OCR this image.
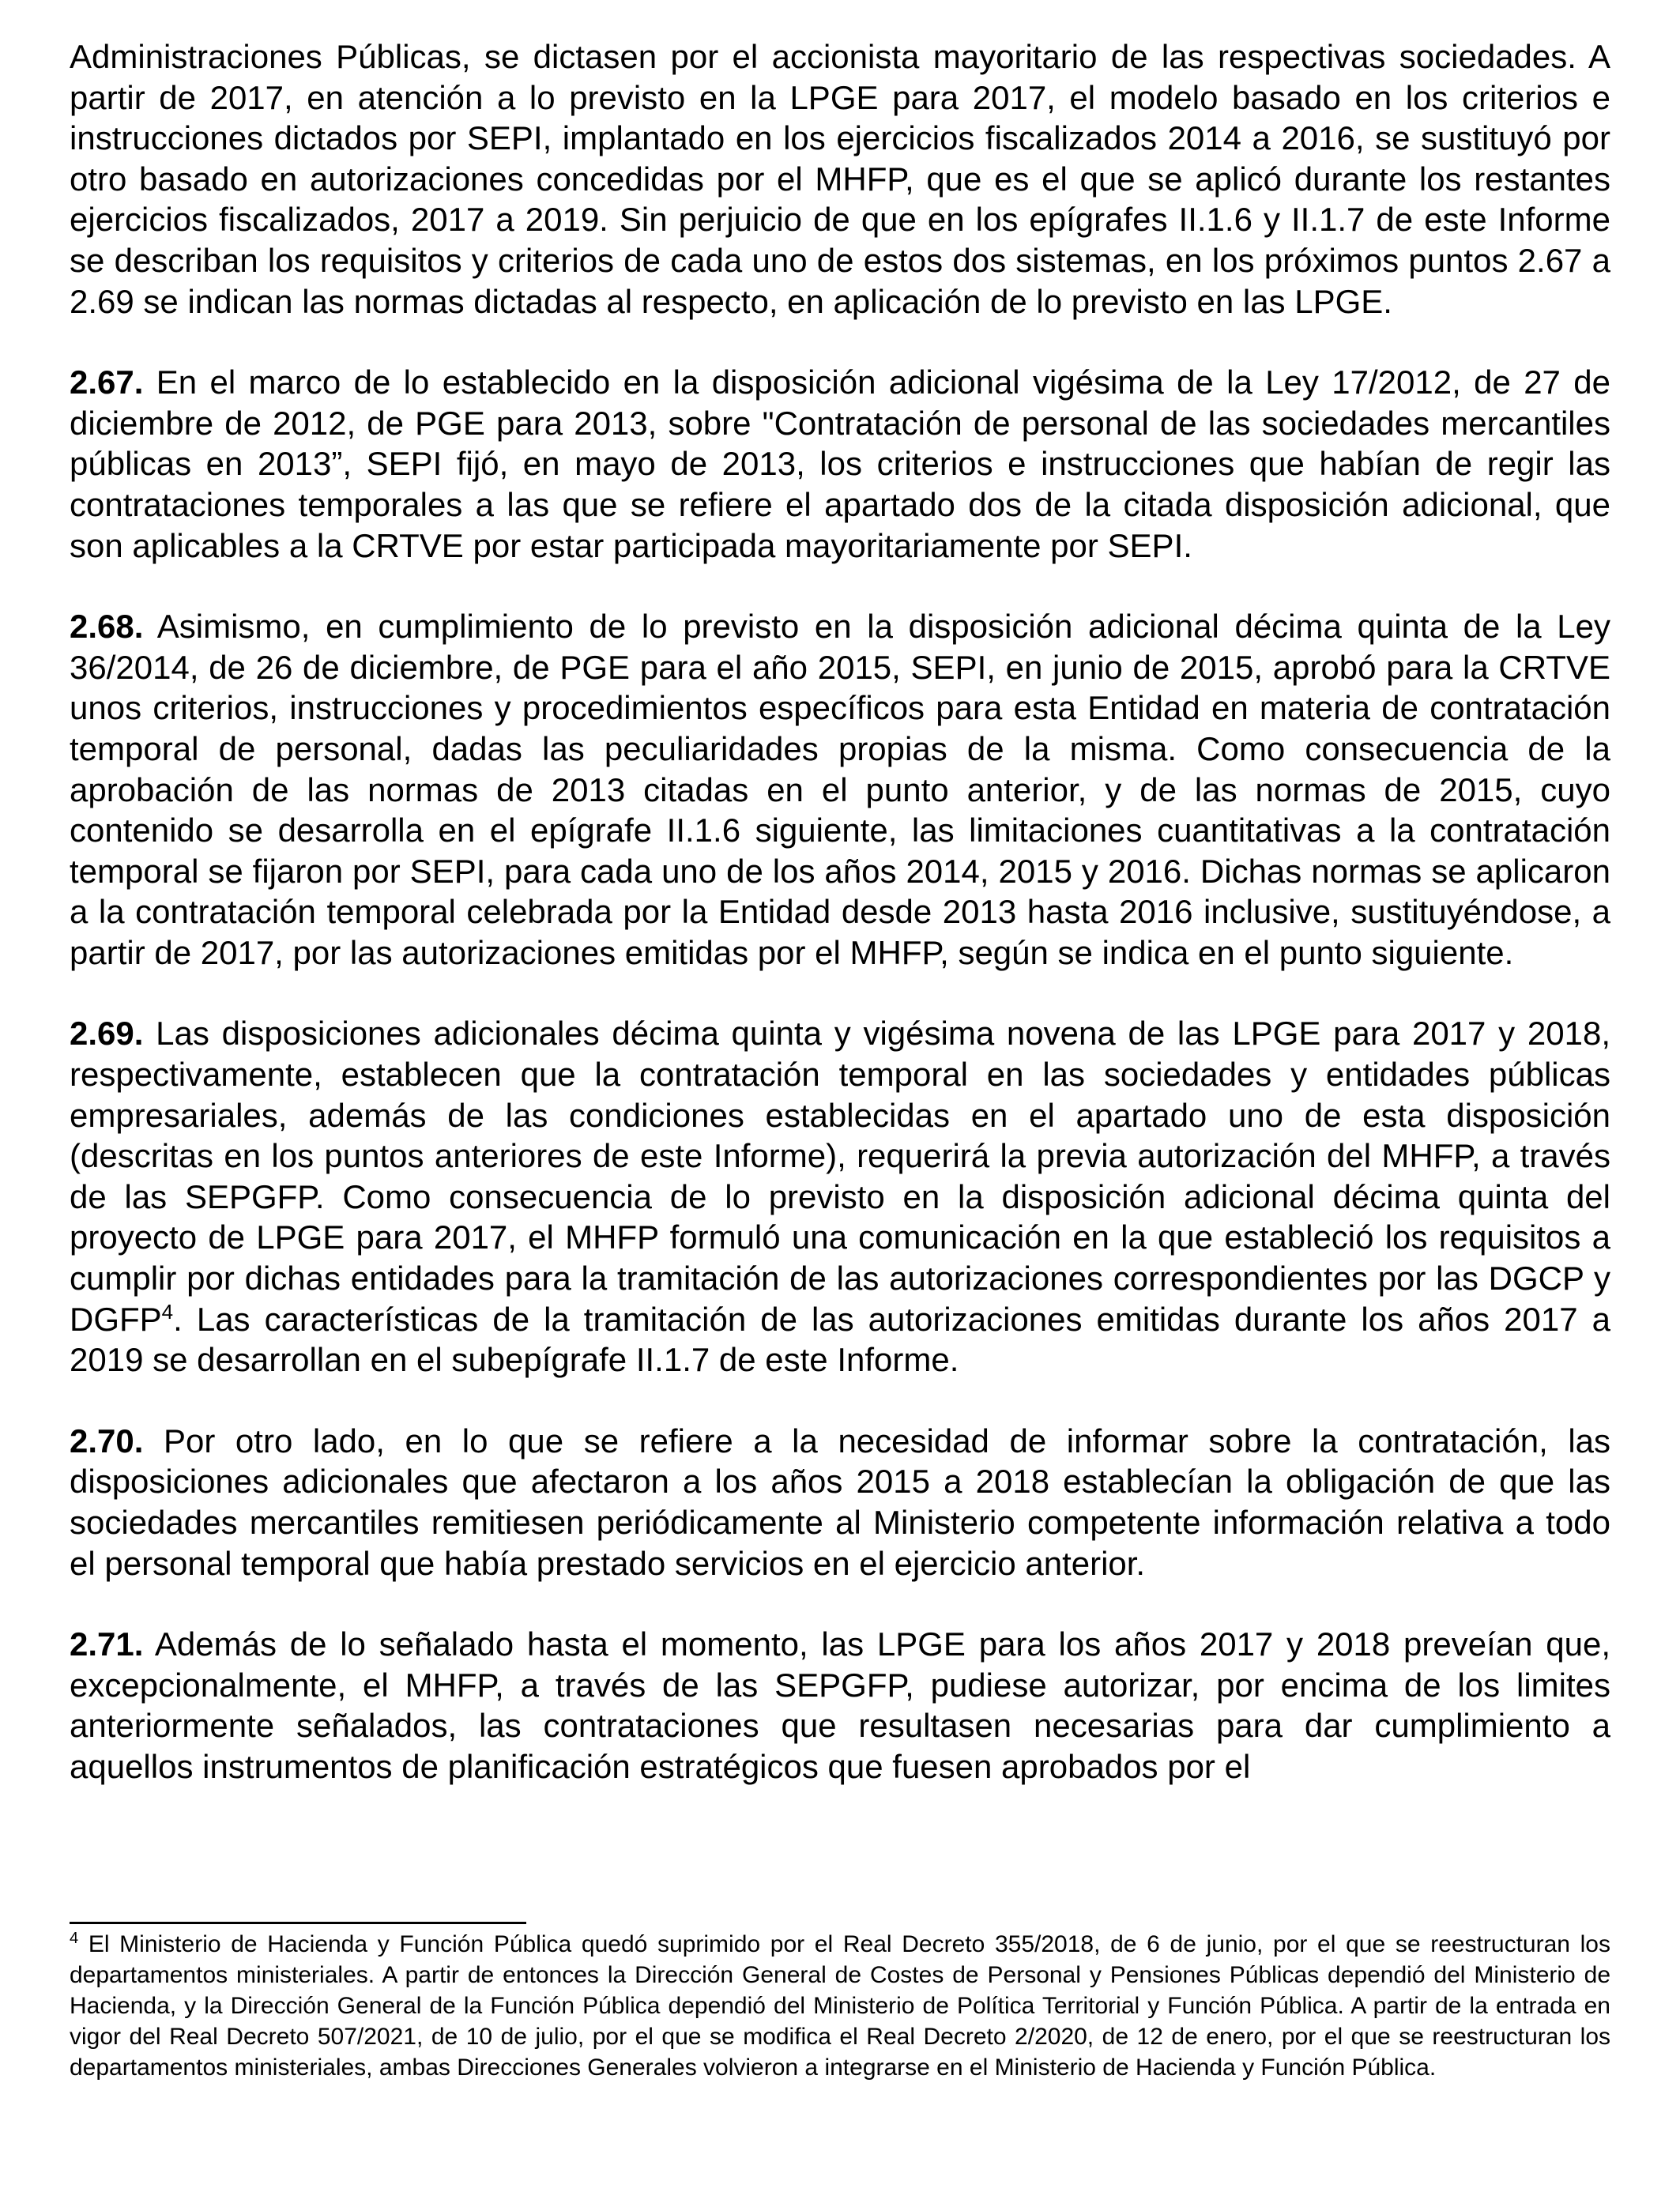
Administraciones Públicas, se dictasen por el accionista mayoritario de las respectivas sociedades. A partir de 2017, en atención a lo previsto en la LPGE para 2017, el modelo basado en los criterios e instrucciones dictados por SEPI, implantado en los ejercicios fiscalizados 2014 a 2016, se sustituyó por otro basado en autorizaciones concedidas por el MHFP, que es el que se aplicó durante los restantes ejercicios fiscalizados, 2017 a 2019. Sin perjuicio de que en los epígrafes II.1.6 y II.1.7 de este Informe se describan los requisitos y criterios de cada uno de estos dos sistemas, en los próximos puntos 2.67 a 2.69 se indican las normas dictadas al respecto, en aplicación de lo previsto en las LPGE.

2.67. En el marco de lo establecido en la disposición adicional vigésima de la Ley 17/2012, de 27 de diciembre de 2012, de PGE para 2013, sobre "Contratación de personal de las sociedades mercantiles públicas en 2013”, SEPI fijó, en mayo de 2013, los criterios e instrucciones que habían de regir las contrataciones temporales a las que se refiere el apartado dos de la citada disposición adicional, que son aplicables a la CRTVE por estar participada mayoritariamente por SEPI.

2.68. Asimismo, en cumplimiento de lo previsto en la disposición adicional décima quinta de la Ley 36/2014, de 26 de diciembre, de PGE para el año 2015, SEPI, en junio de 2015, aprobó para la CRTVE unos criterios, instrucciones y procedimientos específicos para esta Entidad en materia de contratación temporal de personal, dadas las peculiaridades propias de la misma. Como consecuencia de la aprobación de las normas de 2013 citadas en el punto anterior, y de las normas de 2015, cuyo contenido se desarrolla en el epígrafe II.1.6 siguiente, las limitaciones cuantitativas a la contratación temporal se fijaron por SEPI, para cada uno de los años 2014, 2015 y 2016. Dichas normas se aplicaron a la contratación temporal celebrada por la Entidad desde 2013 hasta 2016 inclusive, sustituyéndose, a partir de 2017, por las autorizaciones emitidas por el MHFP, según se indica en el punto siguiente.

2.69. Las disposiciones adicionales décima quinta y vigésima novena de las LPGE para 2017 y 2018, respectivamente, establecen que la contratación temporal en las sociedades y entidades públicas empresariales, además de las condiciones establecidas en el apartado uno de esta disposición (descritas en los puntos anteriores de este Informe), requerirá la previa autorización del MHFP, a través de las SEPGFP. Como consecuencia de lo previsto en la disposición adicional décima quinta del proyecto de LPGE para 2017, el MHFP formuló una comunicación en la que estableció los requisitos a cumplir por dichas entidades para la tramitación de las autorizaciones correspondientes por las DGCP y DGFP$^4$. Las características de la tramitación de las autorizaciones emitidas durante los años 2017 a 2019 se desarrollan en el subepígrafe II.1.7 de este Informe.

2.70. Por otro lado, en lo que se refiere a la necesidad de informar sobre la contratación, las disposiciones adicionales que afectaron a los años 2015 a 2018 establecían la obligación de que las sociedades mercantiles remitiesen periódicamente al Ministerio competente información relativa a todo el personal temporal que había prestado servicios en el ejercicio anterior.

2.71. Además de lo señalado hasta el momento, las LPGE para los años 2017 y 2018 preveían que, excepcionalmente, el MHFP, a través de las SEPGFP, pudiese autorizar, por encima de los limites anteriormente señalados, las contrataciones que resultasen necesarias para dar cumplimiento a aquellos instrumentos de planificación estratégicos que fuesen aprobados por el

$^4$ El Ministerio de Hacienda y Función Pública quedó suprimido por el Real Decreto 355/2018, de 6 de junio, por el que se reestructuran los departamentos ministeriales. A partir de entonces la Dirección General de Costes de Personal y Pensiones Públicas dependió del Ministerio de Hacienda, y la Dirección General de la Función Pública dependió del Ministerio de Política Territorial y Función Pública. A partir de la entrada en vigor del Real Decreto 507/2021, de 10 de julio, por el que se modifica el Real Decreto 2/2020, de 12 de enero, por el que se reestructuran los departamentos ministeriales, ambas Direcciones Generales volvieron a integrarse en el Ministerio de Hacienda y Función Pública.
